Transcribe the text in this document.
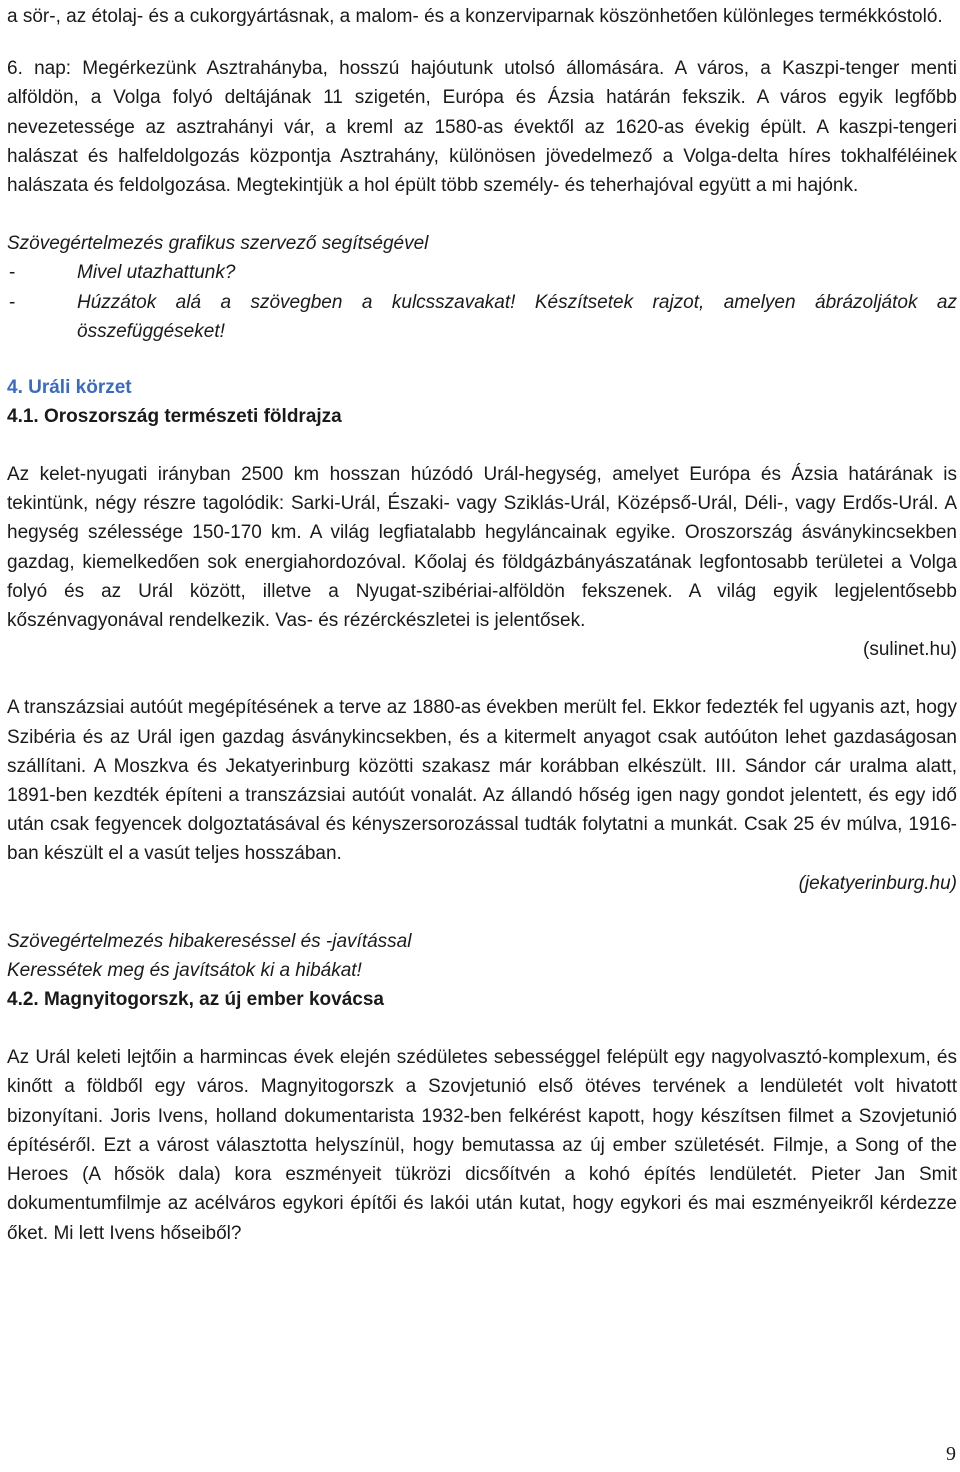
a sör-, az étolaj- és a cukorgyártásnak, a malom- és a konzerviparnak köszönhetően különleges termékkóstoló.

6. nap: Megérkezünk Asztrahányba, hosszú hajóutunk utolsó állomására. A város, a Kaszpi-tenger menti alföldön, a Volga folyó deltájának 11 szigetén, Európa és Ázsia határán fekszik. A város egyik legfőbb nevezetessége az asztrahányi vár, a kreml az 1580-as évektől az 1620-as évekig épült. A kaszpi-tengeri halászat és halfeldolgozás központja Asztrahány, különösen jövedelmező a Volga-delta híres tokhalféléinek halászata és feldolgozása. Megtekintjük a hol épült több személy- és teherhajóval együtt a mi hajónk.

Szövegértelmezés grafikus szervező segítségével

-	Mivel utazhattunk?
-	Húzzátok alá a szövegben a kulcsszavakat! Készítsetek rajzot, amelyen ábrázoljátok az összefüggéseket!
4. Uráli körzet
4.1. Oroszország természeti földrajza

Az kelet-nyugati irányban 2500 km hosszan húzódó Urál-hegység, amelyet Európa és Ázsia határának is tekintünk, négy részre tagolódik: Sarki-Urál, Északi- vagy Sziklás-Urál, Középső-Urál, Déli-, vagy Erdős-Urál. A hegység szélessége 150-170 km. A világ legfiatalabb hegyláncainak egyike. Oroszország ásványkincsekben gazdag, kiemelkedően sok energiahordozóval. Kőolaj és földgázbányászatának legfontosabb területei a Volga folyó és az Urál között, illetve a Nyugat-szibériai-alföldön fekszenek. A világ egyik legjelentősebb kőszénvagyonával rendelkezik. Vas- és rézérckészletei is jelentősek.

(sulinet.hu)

A transzázsiai autóút megépítésének a terve az 1880-as években merült fel. Ekkor fedezték fel ugyanis azt, hogy Szibéria és az Urál igen gazdag ásványkincsekben, és a kitermelt anyagot csak autóúton lehet gazdaságosan szállítani. A Moszkva és Jekatyerinburg közötti szakasz már korábban elkészült. III. Sándor cár uralma alatt, 1891-ben kezdték építeni a transzázsiai autóút vonalát. Az állandó hőség igen nagy gondot jelentett, és egy idő után csak fegyencek dolgoztatásával és kényszersorozással tudták folytatni a munkát. Csak 25 év múlva, 1916-ban készült el a vasút teljes hosszában.

(jekatyerinburg.hu)

Szövegértelmezés hibakereséssel és -javítással

Keressétek meg és javítsátok ki a hibákat!

4.2. Magnyitogorszk, az új ember kovácsa

Az Urál keleti lejtőin a harmincas évek elején szédületes sebességgel felépült egy nagyolvasztó-komplexum, és kinőtt a földből egy város. Magnyitogorszk a Szovjetunió első ötéves tervének a lendületét volt hivatott bizonyítani. Joris Ivens, holland dokumentarista 1932-ben felkérést kapott, hogy készítsen filmet a Szovjetunió építéséről. Ezt a várost választotta helyszínül, hogy bemutassa az új ember születését. Filmje, a Song of the Heroes (A hősök dala) kora eszményeit tükrözi dicsőítvén a kohó építés lendületét. Pieter Jan Smit dokumentumfilmje az acélváros egykori építői és lakói után kutat, hogy egykori és mai eszményeikről kérdezze őket. Mi lett Ivens hőseiből?

9
